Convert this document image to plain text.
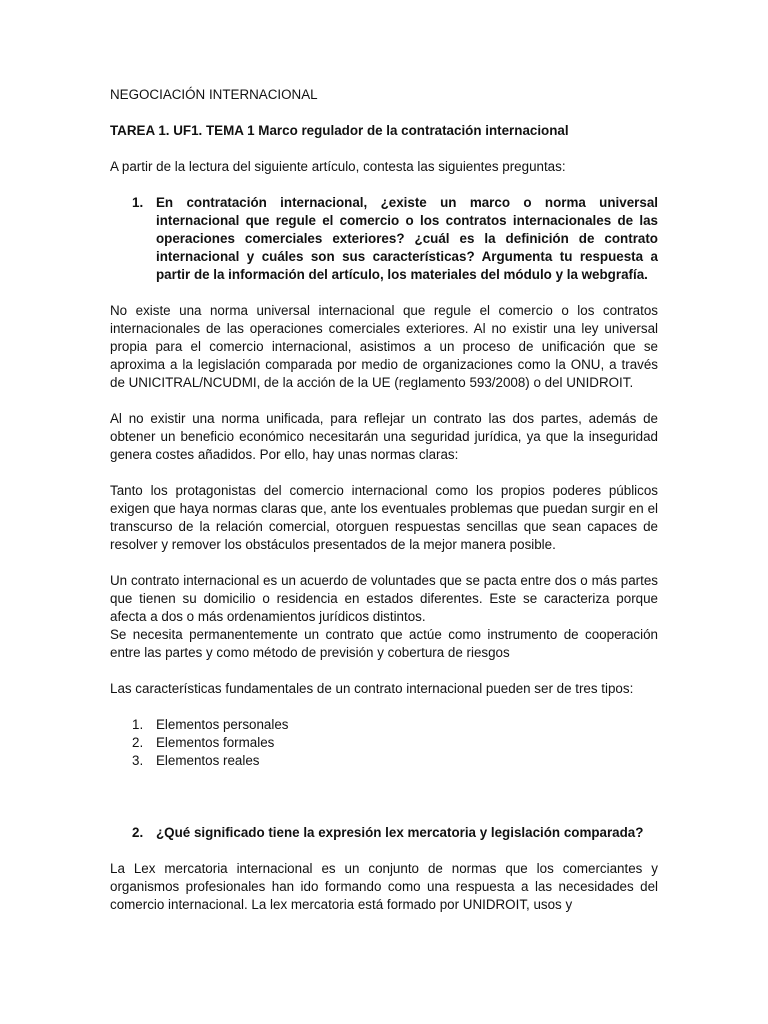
NEGOCIACIÓN INTERNACIONAL

TAREA 1. UF1. TEMA 1 Marco regulador de la contratación internacional

A partir de la lectura del siguiente artículo, contesta las siguientes preguntas:

1. En contratación internacional, ¿existe un marco o norma universal internacional que regule el comercio o los contratos internacionales de las operaciones comerciales exteriores? ¿cuál es la definición de contrato internacional y cuáles son sus características? Argumenta tu respuesta a partir de la información del artículo, los materiales del módulo y la webgrafía.

No existe una norma universal internacional que regule el comercio o los contratos internacionales de las operaciones comerciales exteriores. Al no existir una ley universal propia para el comercio internacional, asistimos a un proceso de unificación que se aproxima a la legislación comparada por medio de organizaciones como la ONU, a través de UNICITRAL/NCUDMI, de la acción de la UE (reglamento 593/2008) o del UNIDROIT.

Al no existir una norma unificada, para reflejar un contrato las dos partes, además de obtener un beneficio económico necesitarán una seguridad jurídica, ya que la inseguridad genera costes añadidos. Por ello, hay unas normas claras:

Tanto los protagonistas del comercio internacional como los propios poderes públicos exigen que haya normas claras que, ante los eventuales problemas que puedan surgir en el transcurso de la relación comercial, otorguen respuestas sencillas que sean capaces de resolver y remover los obstáculos presentados de la mejor manera posible.

Un contrato internacional es un acuerdo de voluntades que se pacta entre dos o más partes que tienen su domicilio o residencia en estados diferentes. Este se caracteriza porque afecta a dos o más ordenamientos jurídicos distintos.

Se necesita permanentemente un contrato que actúe como instrumento de cooperación entre las partes y como método de previsión y cobertura de riesgos

Las características fundamentales de un contrato internacional pueden ser de tres tipos:

1. Elementos personales
2. Elementos formales
3. Elementos reales
2. ¿Qué significado tiene la expresión lex mercatoria y legislación comparada?

La Lex mercatoria internacional es un conjunto de normas que los comerciantes y organismos profesionales han ido formando como una respuesta a las necesidades del comercio internacional. La lex mercatoria está formado por UNIDROIT, usos y
